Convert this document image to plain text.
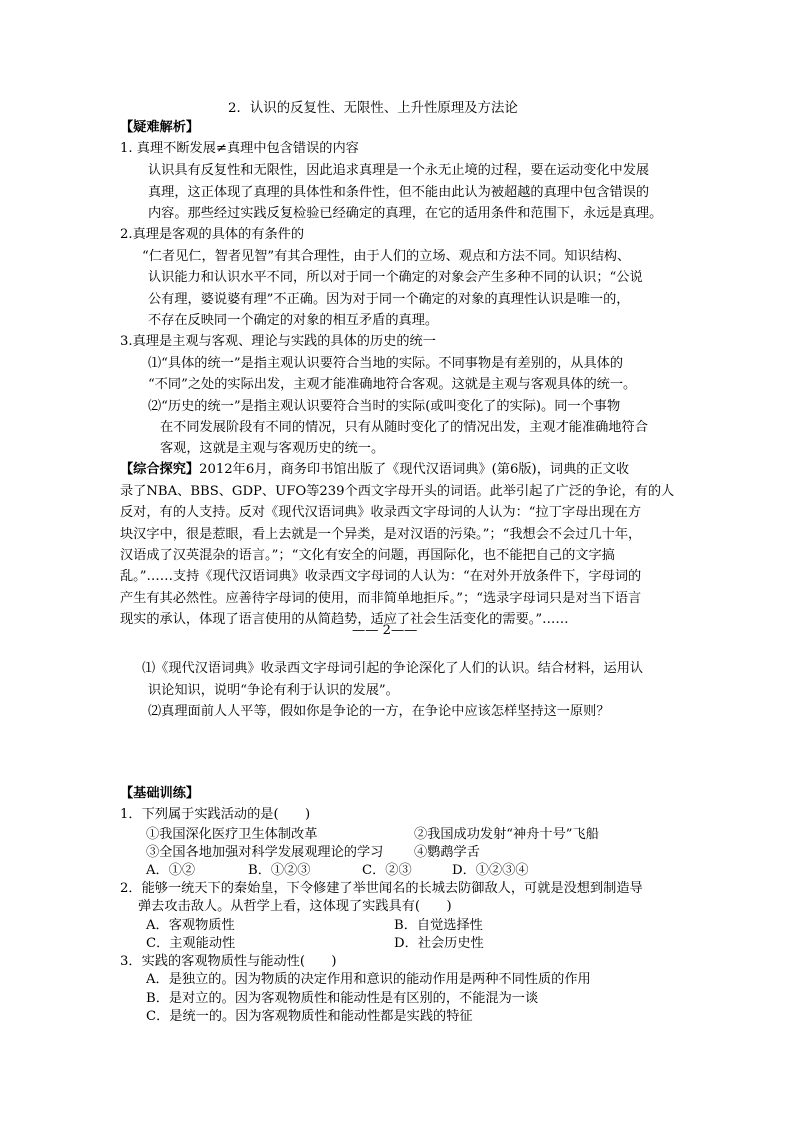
2．认识的反复性、无限性、上升性原理及方法论
【疑难解析】
1. 真理不断发展≠真理中包含错误的内容
认识具有反复性和无限性，因此追求真理是一个永无止境的过程，要在运动变化中发展
真理，这正体现了真理的具体性和条件性，但不能由此认为被超越的真理中包含错误的
内容。那些经过实践反复检验已经确定的真理，在它的适用条件和范围下，永远是真理。
2.真理是客观的具体的有条件的
“仁者见仁，智者见智”有其合理性，由于人们的立场、观点和方法不同。知识结构、
认识能力和认识水平不同，所以对于同一个确定的对象会产生多种不同的认识；“公说
公有理，婆说婆有理”不正确。因为对于同一个确定的对象的真理性认识是唯一的，
不存在反映同一个确定的对象的相互矛盾的真理。
3.真理是主观与客观、理论与实践的具体的历史的统一
⑴“具体的统一”是指主观认识要符合当地的实际。不同事物是有差别的，从具体的
“不同”之处的实际出发，主观才能准确地符合客观。这就是主观与客观具体的统一。
⑵“历史的统一”是指主观认识要符合当时的实际(或叫变化了的实际)。同一个事物
在不同发展阶段有不同的情况，只有从随时变化了的情况出发，主观才能准确地符合
客观，这就是主观与客观历史的统一。
【综合探究】2012年6月，商务印书馆出版了《现代汉语词典》(第6版)，词典的正文收
录了NBA、BBS、GDP、UFO等239个西文字母开头的词语。此举引起了广泛的争论，有的人
反对，有的人支持。反对《现代汉语词典》收录西文字母词的人认为：“拉丁字母出现在方
块汉字中，很是惹眼，看上去就是一个异类，是对汉语的污染。”；“我想会不会过几十年，
汉语成了汉英混杂的语言。”；“文化有安全的问题，再国际化，也不能把自己的文字搞
乱。”……支持《现代汉语词典》收录西文字母词的人认为：“在对外开放条件下，字母词的
产生有其必然性。应善待字母词的使用，而非简单地拒斥。”；“选录字母词只是对当下语言
现实的承认，体现了语言使用的从简趋势，适应了社会生活变化的需要。”……
—— 2——
⑴《现代汉语词典》收录西文字母词引起的争论深化了人们的认识。结合材料，运用认
识论知识，说明“争论有利于认识的发展”。
⑵真理面前人人平等，假如你是争论的一方，在争论中应该怎样坚持这一原则？
【基础训练】
1．下列属于实践活动的是(　　)
①我国深化医疗卫生体制改革	②我国成功发射“神舟十号”飞船
③全国各地加强对科学发展观理论的学习 ④鹦鹉学舌
A．①②	B．①②③	C．②③	D．①②③④
2．能够一统天下的秦始皇，下令修建了举世闻名的长城去防御敌人，可就是没想到制造导
弹去攻击敌人。从哲学上看，这体现了实践具有(　　)
A．客观物质性	B．自觉选择性
C．主观能动性	D．社会历史性
3．实践的客观物质性与能动性(　　)
A．是独立的。因为物质的决定作用和意识的能动作用是两种不同性质的作用
B．是对立的。因为客观物质性和能动性是有区别的，不能混为一谈
C．是统一的。因为客观物质性和能动性都是实践的特征
